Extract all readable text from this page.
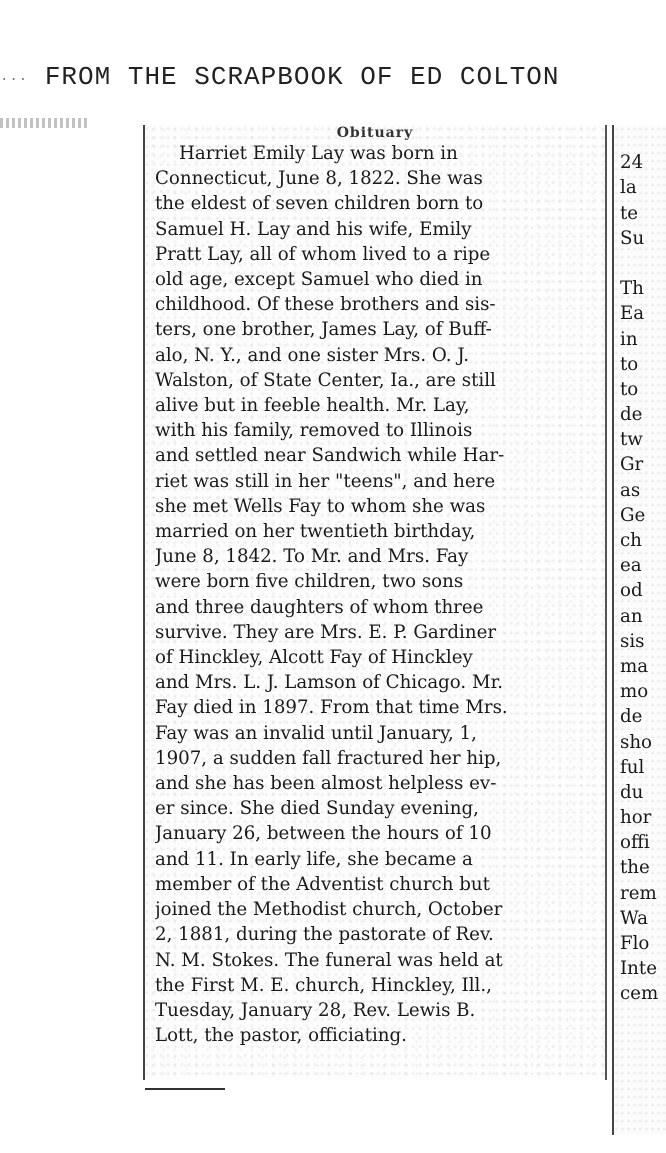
... FROM THE SCRAPBOOK OF ED COLTON
Obituary
Harriet Emily Lay was born in
Connecticut, June 8, 1822. She was
the eldest of seven children born to
Samuel H. Lay and his wife, Emily
Pratt Lay, all of whom lived to a ripe
old age, except Samuel who died in
childhood. Of these brothers and sis-
ters, one brother, James Lay, of Buff-
alo, N. Y., and one sister Mrs. O. J.
Walston, of State Center, Ia., are still
alive but in feeble health. Mr. Lay,
with his family, removed to Illinois
and settled near Sandwich while Har-
riet was still in her "teens", and here
she met Wells Fay to whom she was
married on her twentieth birthday,
June 8, 1842. To Mr. and Mrs. Fay
were born five children, two sons
and three daughters of whom three
survive. They are Mrs. E. P. Gardiner
of Hinckley, Alcott Fay of Hinckley
and Mrs. L. J. Lamson of Chicago. Mr.
Fay died in 1897. From that time Mrs.
Fay was an invalid until January, 1,
1907, a sudden fall fractured her hip,
and she has been almost helpless ev-
er since. She died Sunday evening,
January 26, between the hours of 10
and 11. In early life, she became a
member of the Adventist church but
joined the Methodist church, October
2, 1881, during the pastorate of Rev.
N. M. Stokes. The funeral was held at
the First M. E. church, Hinckley, Ill.,
Tuesday, January 28, Rev. Lewis B.
Lott, the pastor, officiating.
24
la
te
Su
Th
Ea
in
to
to
de
tw
Gr
as
Ge
ch
ea
od
an
sis
ma
mo
de
sho
ful
du
hor
offi
the
rem
Wa
Flo
Inte
cem
